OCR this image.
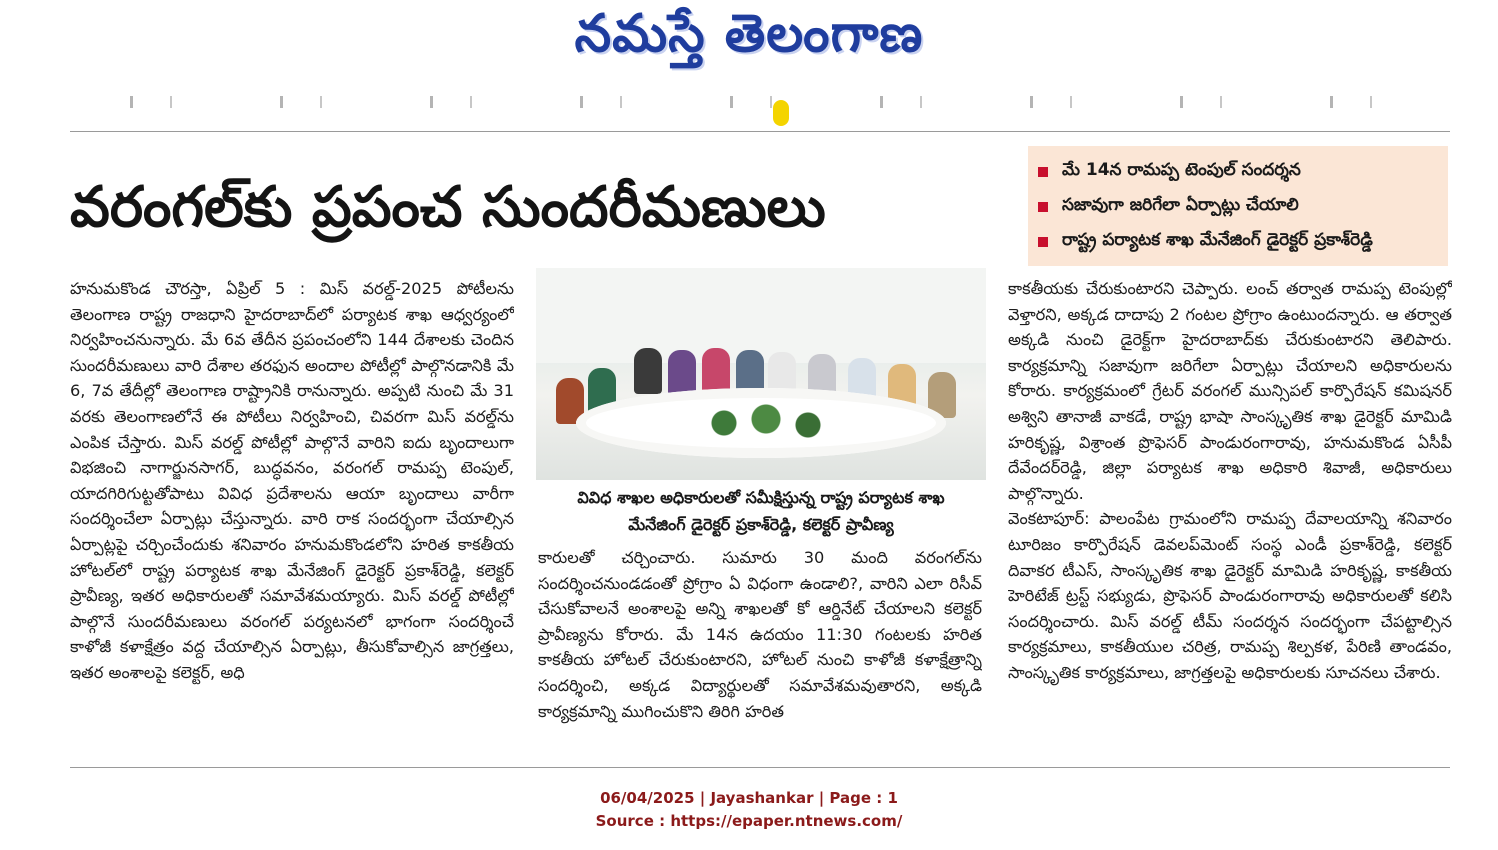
నమస్తే తెలంగాణ
వరంగల్‌కు ప్రపంచ సుందరీమణులు
మే 14న రామప్ప టెంపుల్ సందర్శన
సజావుగా జరిగేలా ఏర్పాట్లు చేయాలి
రాష్ట్ర పర్యాటక శాఖ మేనేజింగ్ డైరెక్టర్ ప్రకాశ్‌రెడ్డి
హనుమకొండ చౌరస్తా, ఏప్రిల్ 5 : మిస్ వరల్డ్-2025 పోటీలను తెలంగాణ రాష్ట్ర రాజధాని హైదరాబాద్‌లో పర్యాటక శాఖ ఆధ్వర్యంలో నిర్వహించనున్నారు. మే 6వ తేదీన ప్రపంచంలోని 144 దేశాలకు చెందిన సుందరీమణులు వారి దేశాల తరఫున అందాల పోటీల్లో పాల్గొనడానికి మే 6, 7వ తేదీల్లో తెలంగాణ రాష్ట్రానికి రానున్నారు. అప్పటి నుంచి మే 31 వరకు తెలంగాణలోనే ఈ పోటీలు నిర్వహించి, చివరగా మిస్ వరల్డ్‌ను ఎంపిక చేస్తారు. మిస్ వరల్డ్ పోటీల్లో పాల్గొనే వారిని ఐదు బృందాలుగా విభజించి నాగార్జునసాగర్, బుద్ధవనం, వరంగల్ రామప్ప టెంపుల్, యాదగిరిగుట్టతోపాటు వివిధ ప్రదేశాలను ఆయా బృందాలు వారీగా సందర్శించేలా ఏర్పాట్లు చేస్తున్నారు. వారి రాక సందర్భంగా చేయాల్సిన ఏర్పాట్లపై చర్చించేందుకు శనివారం హనుమకొండలోని హరిత కాకతీయ హోటల్‌లో రాష్ట్ర పర్యాటక శాఖ మేనేజింగ్ డైరెక్టర్ ప్రకాశ్‌రెడ్డి, కలెక్టర్ ప్రావీణ్య, ఇతర అధికారులతో సమావేశమయ్యారు. మిస్ వరల్డ్ పోటీల్లో పాల్గొనే సుందరీమణులు వరంగల్ పర్యటనలో భాగంగా సందర్శించే కాళోజీ కళాక్షేత్రం వద్ద చేయాల్సిన ఏర్పాట్లు, తీసుకోవాల్సిన జాగ్రత్తలు, ఇతర అంశాలపై కలెక్టర్, అధి
వివిధ శాఖల అధికారులతో సమీక్షిస్తున్న రాష్ట్ర పర్యాటక శాఖ
మేనేజింగ్ డైరెక్టర్ ప్రకాశ్‌రెడ్డి, కలెక్టర్ ప్రావీణ్య
కారులతో చర్చించారు. సుమారు 30 మంది వరంగల్‌ను సందర్శించనుండడంతో ప్రోగ్రాం ఏ విధంగా ఉండాలి?, వారిని ఎలా రిసీవ్ చేసుకోవాలనే అంశాలపై అన్ని శాఖలతో కో ఆర్డినేట్ చేయాలని కలెక్టర్ ప్రావీణ్యను కోరారు. మే 14న ఉదయం 11:30 గంటలకు హరిత కాకతీయ హోటల్ చేరుకుంటారని, హోటల్ నుంచి కాళోజీ కళాక్షేత్రాన్ని సందర్శించి, అక్కడ విద్యార్థులతో సమావేశమవుతారని, అక్కడి కార్యక్రమాన్ని ముగించుకొని తిరిగి హరిత
కాకతీయకు చేరుకుంటారని చెప్పారు. లంచ్ తర్వాత రామప్ప టెంపుల్లో వెళ్తారని, అక్కడ దాదాపు 2 గంటల ప్రోగ్రాం ఉంటుందన్నారు. ఆ తర్వాత అక్కడి నుంచి డైరెక్ట్‌గా హైదరాబాద్‌కు చేరుకుంటారని తెలిపారు. కార్యక్రమాన్ని సజావుగా జరిగేలా ఏర్పాట్లు చేయాలని అధికారులను కోరారు. కార్యక్రమంలో గ్రేటర్ వరంగల్ మున్సిపల్ కార్పొరేషన్ కమిషనర్ అశ్విని తానాజీ వాకడే, రాష్ట్ర భాషా సాంస్కృతిక శాఖ డైరెక్టర్ మామిడి హరికృష్ణ, విశ్రాంత ప్రొఫెసర్ పాండురంగారావు, హనుమకొండ ఏసీపీ దేవేందర్‌రెడ్డి, జిల్లా పర్యాటక శాఖ అధికారి శివాజీ, అధికారులు పాల్గొన్నారు.
వెంకటాపూర్: పాలంపేట గ్రామంలోని రామప్ప దేవాలయాన్ని శనివారం టూరిజం కార్పొరేషన్ డెవలప్‌మెంట్ సంస్థ ఎండీ ప్రకాశ్‌రెడ్డి, కలెక్టర్ దివాకర టీఎస్, సాంస్కృతిక శాఖ డైరెక్టర్ మామిడి హరికృష్ణ, కాకతీయ హెరిటేజ్ ట్రస్ట్ సభ్యుడు, ప్రొఫెసర్ పాండురంగారావు అధికారులతో కలిసి సందర్శించారు. మిస్ వరల్డ్ టీమ్ సందర్శన సందర్భంగా చేపట్టాల్సిన కార్యక్రమాలు, కాకతీయుల చరిత్ర, రామప్ప శిల్పకళ, పేరిణి తాండవం, సాంస్కృతిక కార్యక్రమాలు, జాగ్రత్తలపై అధికారులకు సూచనలు చేశారు.
06/04/2025 | Jayashankar | Page : 1
Source : https://epaper.ntnews.com/
